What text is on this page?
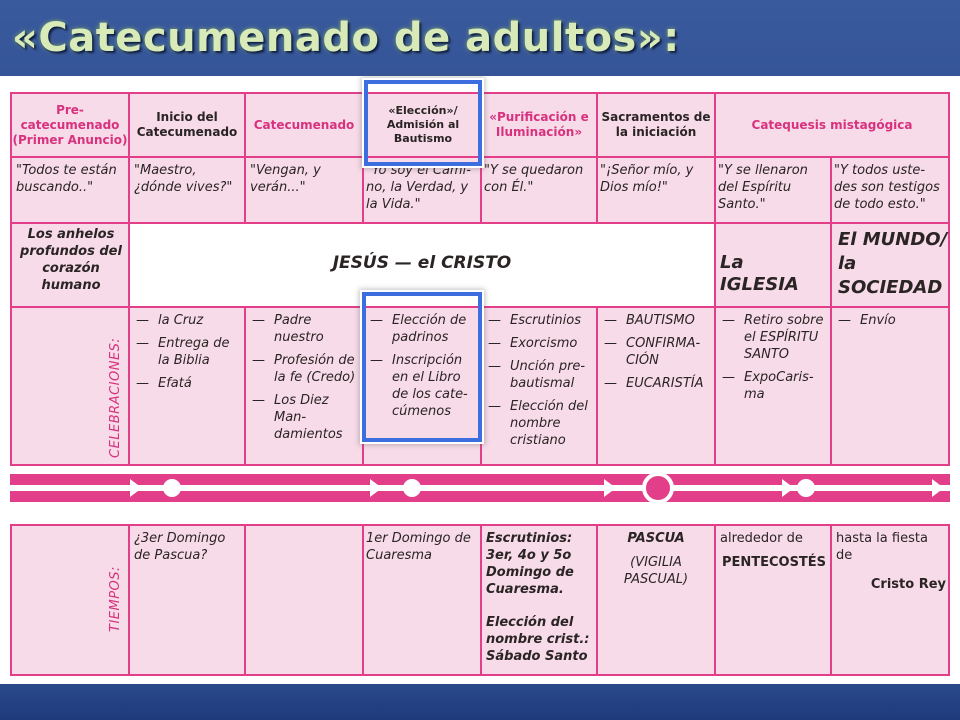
«Catecumenado de adultos»:
Pre-catecumenado (Primer Anuncio)
Inicio del Catecumenado
Catecumenado
«Elección»/ Admisión al Bautismo
«Purificación e Iluminación»
Sacramentos de la iniciación
Catequesis mistagógica
"Todos te están buscando.."
"Maestro, ¿dónde vives?"
"Vengan, y verán..."
"Yo soy el Cami- no, la Verdad, y la Vida."
"Y se quedaron con Él."
"¡Señor mío, y Dios mío!"
"Y se llenaron del Espíritu Santo."
"Y todos uste- des son testigos de todo esto."
Los anhelos profundos del corazón humano
JESÚS — el CRISTO	La IGLESIA
El MUNDO/ la SOCIEDAD
CELEBRACIONES:
TIEMPOS:
¿3er Domingo de Pascua?
1er Domingo de Cuaresma
Escrutinios: 3er, 4o y 5o Domingo de Cuaresma.
Elección del nombre crist.: Sábado Santo
PASCUA
(VIGILIA PASCUAL)
alrededor de
PENTECOSTÉS
hasta la fiesta de
Cristo Rey
— la Cruz
— Entrega de la Biblia
— Efatá
— Padre nuestro
— Profesión de la fe (Credo)
— Los Diez Man- damientos
— Elección de padrinos
— Inscripción en el Libro de los cate- cúmenos
— Escrutinios
— Exorcismo
— Unción pre- bautismal
— Elección del nombre cristiano
— BAUTISMO
— CONFIRMA- CIÓN
— EUCARISTÍA
— Retiro sobre el ESPÍRITU SANTO
— ExpoCaris- ma
— Envío
